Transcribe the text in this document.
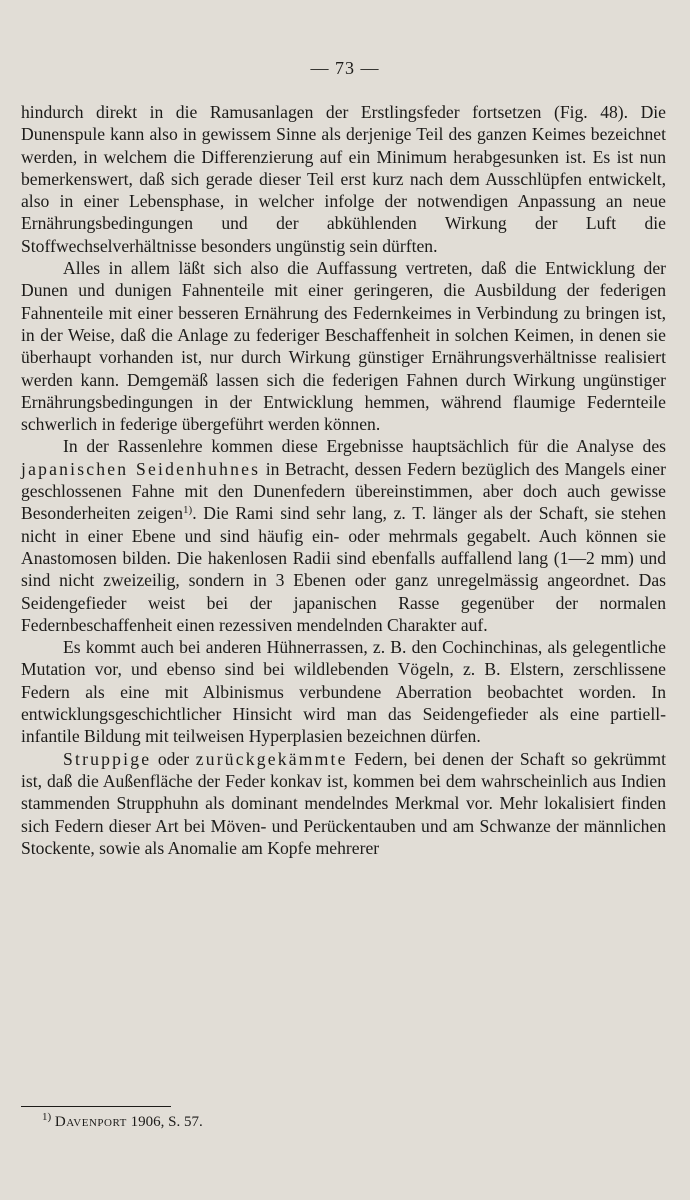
— 73 —

hindurch direkt in die Ramusanlagen der Erstlingsfeder fortsetzen (Fig. 48). Die Dunenspule kann also in gewissem Sinne als derjenige Teil des ganzen Keimes bezeichnet werden, in welchem die Differenzierung auf ein Minimum herabgesunken ist. Es ist nun bemerkenswert, daß sich gerade dieser Teil erst kurz nach dem Ausschlüpfen entwickelt, also in einer Lebensphase, in welcher infolge der notwendigen Anpassung an neue Ernährungsbedingungen und der abkühlenden Wirkung der Luft die Stoffwechselverhältnisse besonders ungünstig sein dürften.

Alles in allem läßt sich also die Auffassung vertreten, daß die Entwicklung der Dunen und dunigen Fahnenteile mit einer geringeren, die Ausbildung der federigen Fahnenteile mit einer besseren Ernährung des Federnkeimes in Verbindung zu bringen ist, in der Weise, daß die Anlage zu federiger Beschaffenheit in solchen Keimen, in denen sie überhaupt vorhanden ist, nur durch Wirkung günstiger Ernährungsverhältnisse realisiert werden kann. Demgemäß lassen sich die federigen Fahnen durch Wirkung ungünstiger Ernährungsbedingungen in der Entwicklung hemmen, während flaumige Federnteile schwerlich in federige übergeführt werden können.

In der Rassenlehre kommen diese Ergebnisse hauptsächlich für die Analyse des japanischen Seidenhuhnes in Betracht, dessen Federn bezüglich des Mangels einer geschlossenen Fahne mit den Dunenfedern übereinstimmen, aber doch auch gewisse Besonderheiten zeigen$^{1)}$. Die Rami sind sehr lang, z. T. länger als der Schaft, sie stehen nicht in einer Ebene und sind häufig ein- oder mehrmals gegabelt. Auch können sie Anastomosen bilden. Die hakenlosen Radii sind ebenfalls auffallend lang (1—2 mm) und sind nicht zweizeilig, sondern in 3 Ebenen oder ganz unregelmässig angeordnet. Das Seidengefieder weist bei der japanischen Rasse gegenüber der normalen Federnbeschaffenheit einen rezessiven mendelnden Charakter auf.

Es kommt auch bei anderen Hühnerrassen, z. B. den Cochinchinas, als gelegentliche Mutation vor, und ebenso sind bei wildlebenden Vögeln, z. B. Elstern, zerschlissene Federn als eine mit Albinismus verbundene Aberration beobachtet worden. In entwicklungsgeschichtlicher Hinsicht wird man das Seidengefieder als eine partiell-infantile Bildung mit teilweisen Hyperplasien bezeichnen dürfen.

Struppige oder zurückgekämmte Federn, bei denen der Schaft so gekrümmt ist, daß die Außenfläche der Feder konkav ist, kommen bei dem wahrscheinlich aus Indien stammenden Strupphuhn als dominant mendelndes Merkmal vor. Mehr lokalisiert finden sich Federn dieser Art bei Möven- und Perückentauben und am Schwanze der männlichen Stockente, sowie als Anomalie am Kopfe mehrerer

$^{1)}$ Davenport 1906, S. 57.
